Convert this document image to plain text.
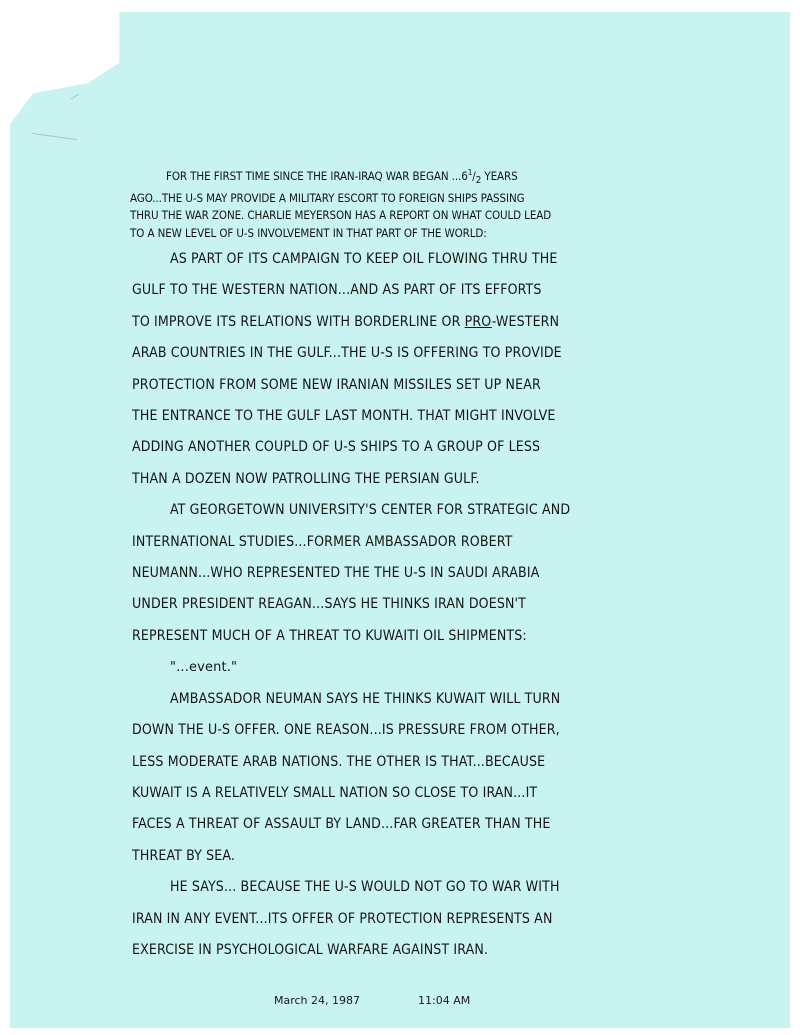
FOR THE FIRST TIME SINCE THE IRAN-IRAQ WAR BEGAN ...6$^1$/2 YEARS
AGO...THE U-S MAY PROVIDE A MILITARY ESCORT TO FOREIGN SHIPS PASSING
THRU THE WAR ZONE. CHARLIE MEYERSON HAS A REPORT ON WHAT COULD LEAD
TO A NEW LEVEL OF U-S INVOLVEMENT IN THAT PART OF THE WORLD:
AS PART OF ITS CAMPAIGN TO KEEP OIL FLOWING THRU THE
GULF TO THE WESTERN NATION...AND AS PART OF ITS EFFORTS
TO IMPROVE ITS RELATIONS WITH BORDERLINE OR PRO-WESTERN
ARAB COUNTRIES IN THE GULF...THE U-S IS OFFERING TO PROVIDE
PROTECTION FROM SOME NEW IRANIAN MISSILES SET UP NEAR
THE ENTRANCE TO THE GULF LAST MONTH. THAT MIGHT INVOLVE
ADDING ANOTHER COUPLD OF U-S SHIPS TO A GROUP OF LESS
THAN A DOZEN NOW PATROLLING THE PERSIAN GULF.
AT GEORGETOWN UNIVERSITY'S CENTER FOR STRATEGIC AND
INTERNATIONAL STUDIES...FORMER AMBASSADOR ROBERT
NEUMANN...WHO REPRESENTED THE THE U-S IN SAUDI ARABIA
UNDER PRESIDENT REAGAN...SAYS HE THINKS IRAN DOESN'T
REPRESENT MUCH OF A THREAT TO KUWAITI OIL SHIPMENTS:
"...event."
AMBASSADOR NEUMAN SAYS HE THINKS KUWAIT WILL TURN
DOWN THE U-S OFFER. ONE REASON...IS PRESSURE FROM OTHER,
LESS MODERATE ARAB NATIONS. THE OTHER IS THAT...BECAUSE
KUWAIT IS A RELATIVELY SMALL NATION SO CLOSE TO IRAN...IT
FACES A THREAT OF ASSAULT BY LAND...FAR GREATER THAN THE
THREAT BY SEA.
HE SAYS... BECAUSE THE U-S WOULD NOT GO TO WAR WITH
IRAN IN ANY EVENT...ITS OFFER OF PROTECTION REPRESENTS AN
EXERCISE IN PSYCHOLOGICAL WARFARE AGAINST IRAN.
March 24, 1987	11:04 AM
